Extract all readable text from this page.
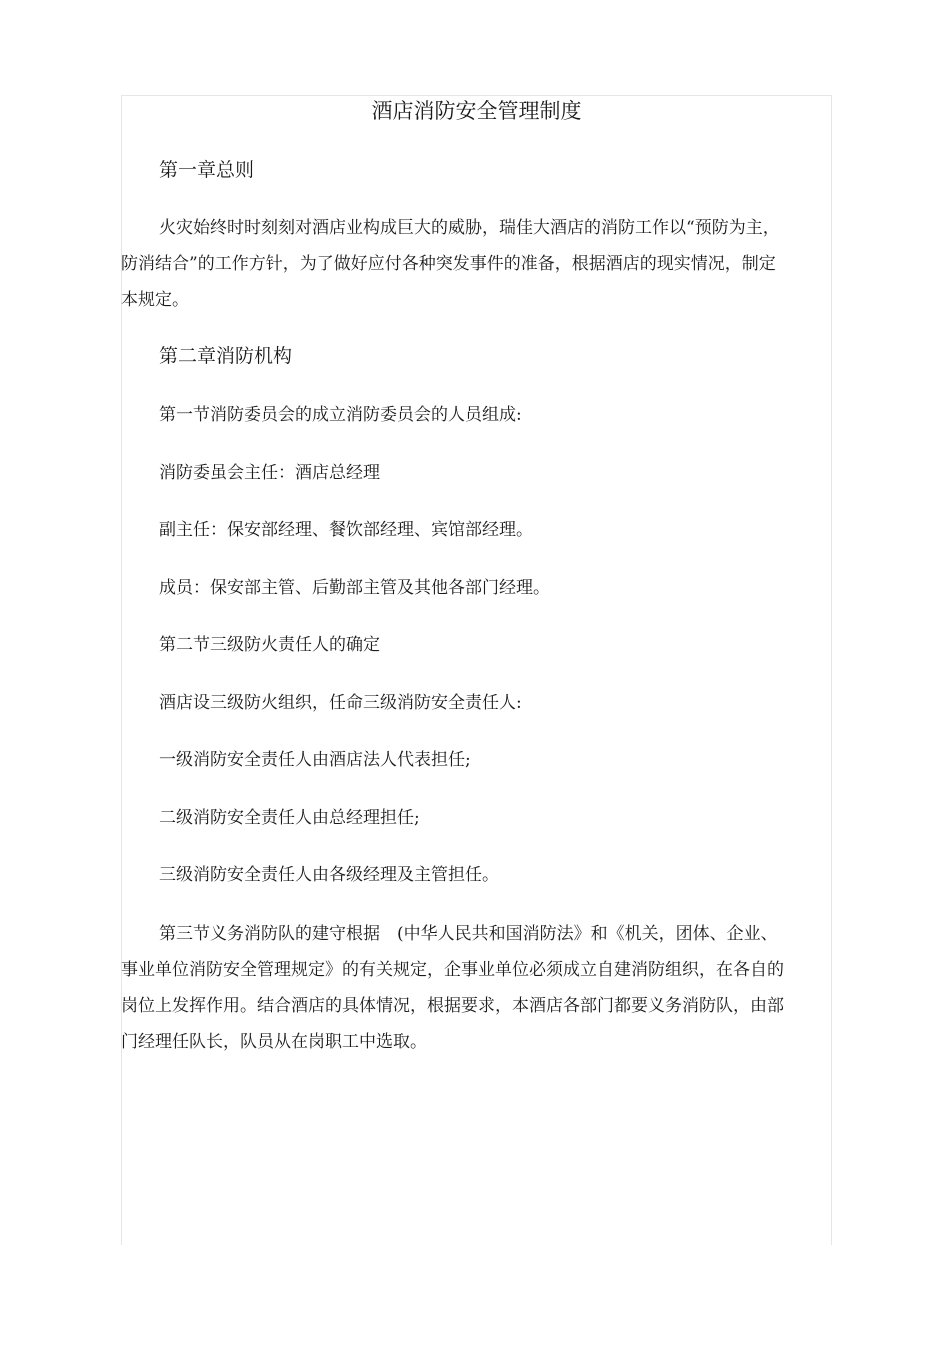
酒店消防安全管理制度
第一章总则

火灾始终时时刻刻对酒店业构成巨大的威胁，瑞佳大酒店的消防工作以“预防为主，防消结合”的工作方针，为了做好应付各种突发事件的准备，根据酒店的现实情况，制定本规定。

第二章消防机构

第一节消防委员会的成立消防委员会的人员组成:

消防委虽会主任：酒店总经理

副主任：保安部经理、餐饮部经理、宾馆部经理。

成员：保安部主管、后勤部主管及其他各部门经理。

第二节三级防火责任人的确定

酒店设三级防火组织，任命三级消防安全责任人:

一级消防安全责任人由酒店法人代表担任;

二级消防安全责任人由总经理担任;

三级消防安全责任人由各级经理及主管担任。

第三节义务消防队的建守根据　(中华人民共和国消防法》和《机关，团体、企业、事业单位消防安全管理规定》的有关规定，企事业单位必须成立自建消防组织，在各自的岗位上发挥作用。结合酒店的具体情况，根据要求，本酒店各部门都要义务消防队，由部门经理任队长，队员从在岗职工中选取。
